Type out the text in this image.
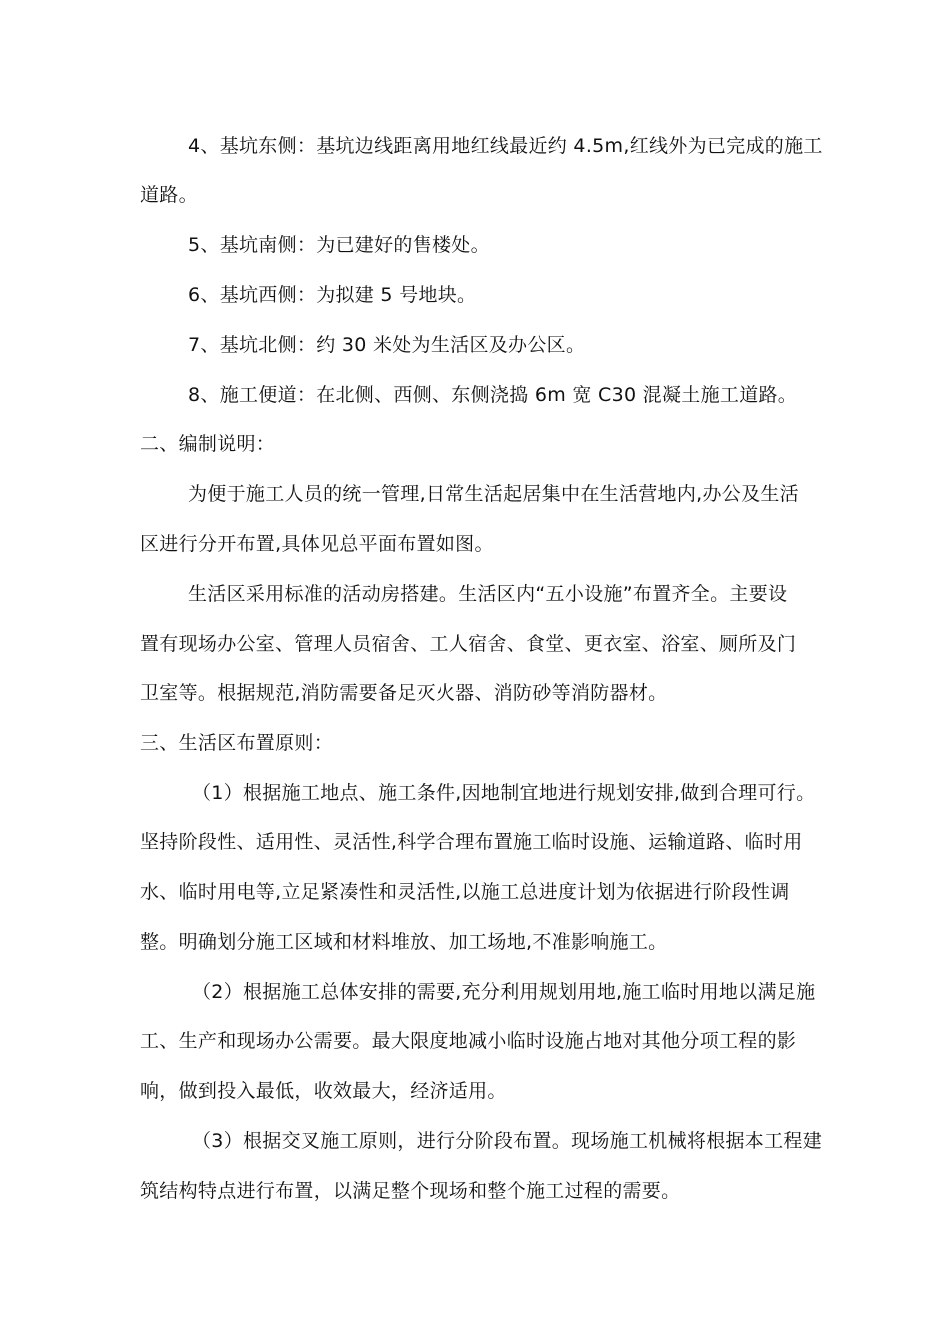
4、基坑东侧：基坑边线距离用地红线最近约 4.5m,红线外为已完成的施工
道路。
5、基坑南侧：为已建好的售楼处。
6、基坑西侧：为拟建 5 号地块。
7、基坑北侧：约 30 米处为生活区及办公区。
8、施工便道：在北侧、西侧、东侧浇捣 6m 宽 C30 混凝土施工道路。
二、编制说明：
为便于施工人员的统一管理,日常生活起居集中在生活营地内,办公及生活
区进行分开布置,具体见总平面布置如图。
生活区采用标准的活动房搭建。生活区内“五小设施”布置齐全。主要设
置有现场办公室、管理人员宿舍、工人宿舍、食堂、更衣室、浴室、厕所及门
卫室等。根据规范,消防需要备足灭火器、消防砂等消防器材。
三、生活区布置原则：
（1）根据施工地点、施工条件,因地制宜地进行规划安排,做到合理可行。
坚持阶段性、适用性、灵活性,科学合理布置施工临时设施、运输道路、临时用
水、临时用电等,立足紧凑性和灵活性,以施工总进度计划为依据进行阶段性调
整。明确划分施工区域和材料堆放、加工场地,不准影响施工。
（2）根据施工总体安排的需要,充分利用规划用地,施工临时用地以满足施
工、生产和现场办公需要。最大限度地减小临时设施占地对其他分项工程的影
响，做到投入最低，收效最大，经济适用。
（3）根据交叉施工原则，进行分阶段布置。现场施工机械将根据本工程建
筑结构特点进行布置，以满足整个现场和整个施工过程的需要。
